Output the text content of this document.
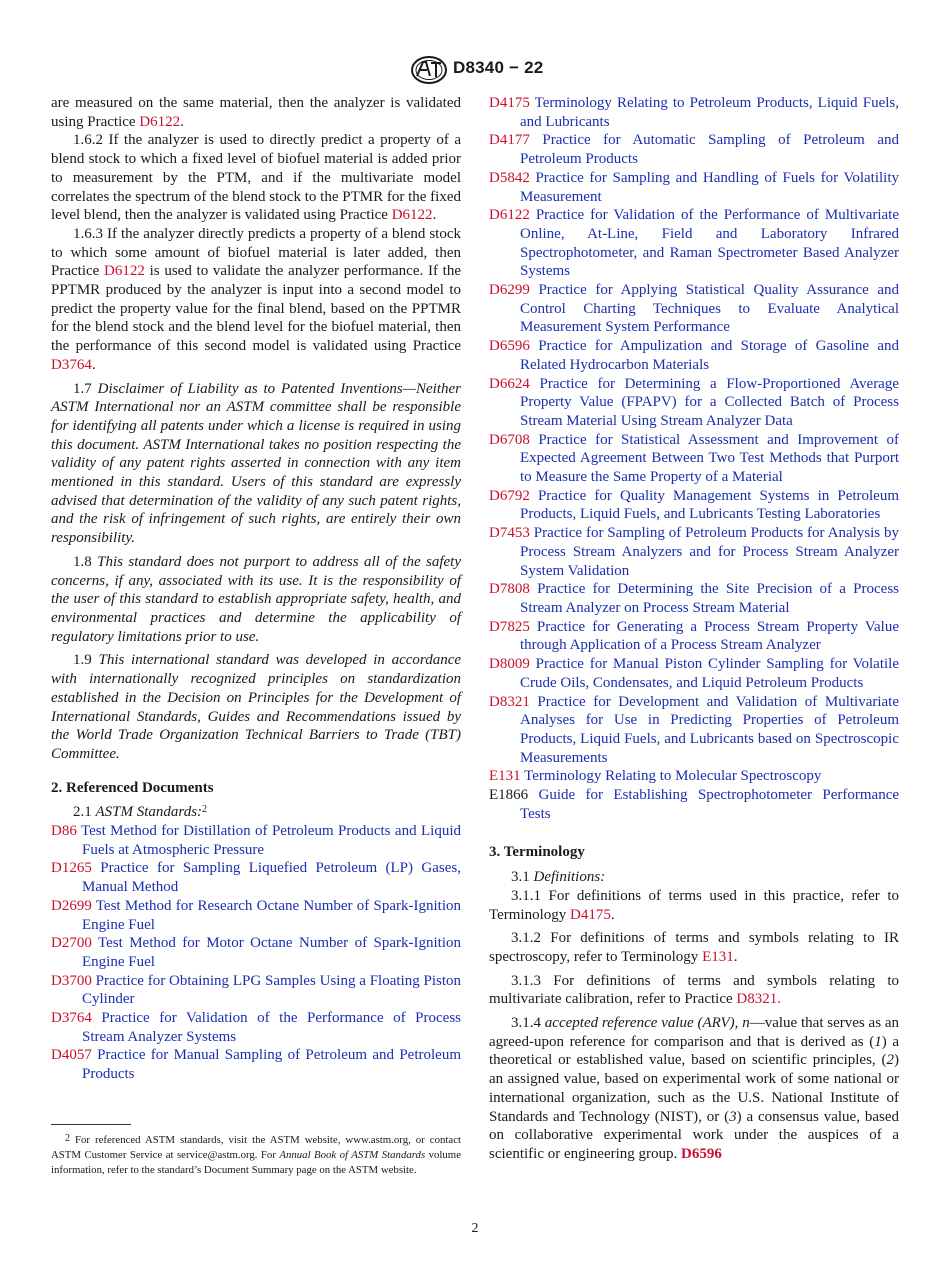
D8340 − 22

are measured on the same material, then the analyzer is validated using Practice D6122.

1.6.2 If the analyzer is used to directly predict a property of a blend stock to which a fixed level of biofuel material is added prior to measurement by the PTM, and if the multivariate model correlates the spectrum of the blend stock to the PTMR for the fixed level blend, then the analyzer is validated using Practice D6122.

1.6.3 If the analyzer directly predicts a property of a blend stock to which some amount of biofuel material is later added, then Practice D6122 is used to validate the analyzer performance. If the PPTMR produced by the analyzer is input into a second model to predict the property value for the final blend, based on the PPTMR for the blend stock and the blend level for the biofuel material, then the performance of this second model is validated using Practice D3764.

1.7 Disclaimer of Liability as to Patented Inventions—Neither ASTM International nor an ASTM committee shall be responsible for identifying all patents under which a license is required in using this document. ASTM International takes no position respecting the validity of any patent rights asserted in connection with any item mentioned in this standard. Users of this standard are expressly advised that determination of the validity of any such patent rights, and the risk of infringement of such rights, are entirely their own responsibility.

1.8 This standard does not purport to address all of the safety concerns, if any, associated with its use. It is the responsibility of the user of this standard to establish appropriate safety, health, and environmental practices and determine the applicability of regulatory limitations prior to use.

1.9 This international standard was developed in accordance with internationally recognized principles on standardization established in the Decision on Principles for the Development of International Standards, Guides and Recommendations issued by the World Trade Organization Technical Barriers to Trade (TBT) Committee.

2. Referenced Documents

2.1 ASTM Standards:$^2$

D86 Test Method for Distillation of Petroleum Products and Liquid Fuels at Atmospheric Pressure

D1265 Practice for Sampling Liquefied Petroleum (LP) Gases, Manual Method

D2699 Test Method for Research Octane Number of Spark-Ignition Engine Fuel

D2700 Test Method for Motor Octane Number of Spark-Ignition Engine Fuel

D3700 Practice for Obtaining LPG Samples Using a Floating Piston Cylinder

D3764 Practice for Validation of the Performance of Process Stream Analyzer Systems

D4057 Practice for Manual Sampling of Petroleum and Petroleum Products

2 For referenced ASTM standards, visit the ASTM website, www.astm.org, or contact ASTM Customer Service at service@astm.org. For Annual Book of ASTM Standards volume information, refer to the standard’s Document Summary page on the ASTM website.

D4175 Terminology Relating to Petroleum Products, Liquid Fuels, and Lubricants

D4177 Practice for Automatic Sampling of Petroleum and Petroleum Products

D5842 Practice for Sampling and Handling of Fuels for Volatility Measurement

D6122 Practice for Validation of the Performance of Multivariate Online, At-Line, Field and Laboratory Infrared Spectrophotometer, and Raman Spectrometer Based Analyzer Systems

D6299 Practice for Applying Statistical Quality Assurance and Control Charting Techniques to Evaluate Analytical Measurement System Performance

D6596 Practice for Ampulization and Storage of Gasoline and Related Hydrocarbon Materials

D6624 Practice for Determining a Flow-Proportioned Average Property Value (FPAPV) for a Collected Batch of Process Stream Material Using Stream Analyzer Data

D6708 Practice for Statistical Assessment and Improvement of Expected Agreement Between Two Test Methods that Purport to Measure the Same Property of a Material

D6792 Practice for Quality Management Systems in Petroleum Products, Liquid Fuels, and Lubricants Testing Laboratories

D7453 Practice for Sampling of Petroleum Products for Analysis by Process Stream Analyzers and for Process Stream Analyzer System Validation

D7808 Practice for Determining the Site Precision of a Process Stream Analyzer on Process Stream Material

D7825 Practice for Generating a Process Stream Property Value through Application of a Process Stream Analyzer

D8009 Practice for Manual Piston Cylinder Sampling for Volatile Crude Oils, Condensates, and Liquid Petroleum Products

D8321 Practice for Development and Validation of Multivariate Analyses for Use in Predicting Properties of Petroleum Products, Liquid Fuels, and Lubricants based on Spectroscopic Measurements

E131 Terminology Relating to Molecular Spectroscopy

E1866 Guide for Establishing Spectrophotometer Performance Tests

3. Terminology

3.1 Definitions:

3.1.1 For definitions of terms used in this practice, refer to Terminology D4175.

3.1.2 For definitions of terms and symbols relating to IR spectroscopy, refer to Terminology E131.

3.1.3 For definitions of terms and symbols relating to multivariate calibration, refer to Practice D8321.

3.1.4 accepted reference value (ARV), n—value that serves as an agreed-upon reference for comparison and that is derived as (1) a theoretical or established value, based on scientific principles, (2) an assigned value, based on experimental work of some national or international organization, such as the U.S. National Institute of Standards and Technology (NIST), or (3) a consensus value, based on collaborative experimental work under the auspices of a scientific or engineering group. D6596

2
